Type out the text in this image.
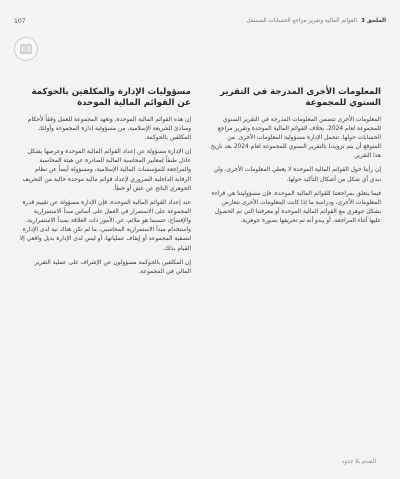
الملحق 3
القوائم المالية وتقرير مراجع الحسابات المستقل
107
المعلومات الأخرى المدرجة في التقرير السنوي للمجموعة

المعلومات الأخرى تتضمن المعلومات المدرجة في التقرير السنوي للمجموعة لعام 2024، بخلاف القوائم المالية الموحدة وتقرير مراجع الحسابات حولها. تتحمل الإدارة مسؤولية المعلومات الأخرى. من المتوقع أن يتم تزويدنا بالتقرير السنوي للمجموعة لعام 2024 بعد تاريخ هذا التقرير.

إن رأينا حول القوائم المالية الموحدة لا يغطي المعلومات الأخرى، ولن نبدي أي شكل من أشكال التأكيد حولها.

فيما يتعلق بمراجعتنا للقوائم المالية الموحدة، فإن مسؤوليتنا هي قراءة المعلومات الأخرى، ودراسة ما إذا كانت المعلومات الأخرى تتعارض بشكل جوهري مع القوائم المالية الموحدة أو معرفتنا التي تم الحصول عليها أثناء المراجعة، أو يبدو أنه تم تحريفها بصورة جوهرية.

مسؤوليات الإدارة والمكلفين بالحوكمة عن القوائم المالية الموحدة

إن هذه القوائم المالية الموحدة، وتعهد المجموعة للعمل وفقاً لأحكام ومبادئ الشريعة الإسلامية، من مسؤولية إدارة المجموعة وأولئك المكلفين بالحوكمة.

إن الإدارة مسؤولة عن إعداد القوائم المالية الموحدة وعرضها بشكل عادل طبقاً لمعايير المحاسبة المالية الصادرة عن هيئة المحاسبة والمراجعة للمؤسسات المالية الإسلامية، ومسؤولة أيضاً عن نظام الرقابة الداخلية الضروري لإعداد قوائم مالية موحدة خالية من التحريف الجوهري الناتج عن غش أو خطأ.

عند إعداد القوائم المالية الموحدة، فإن الإدارة مسؤولة عن تقييم قدرة المجموعة على الاستمرار في العمل على أساس مبدأ الاستمرارية والإفصاح، حسبما هو ملائم، عن الأمور ذات العلاقة بمبدأ الاستمرارية، واستخدام مبدأ الاستمرارية المحاسبي، ما لم تكن هناك نية لدى الإدارة لتصفية المجموعة أو إيقاف عملياتها، أو ليس لدى الإدارة بديل واقعي إلا القيام بذلك.

إن المكلفين بالحوكمة مسؤولون عن الإشراف على عملية التقرير المالي في المجموعة.

التقدم بلا حدود
